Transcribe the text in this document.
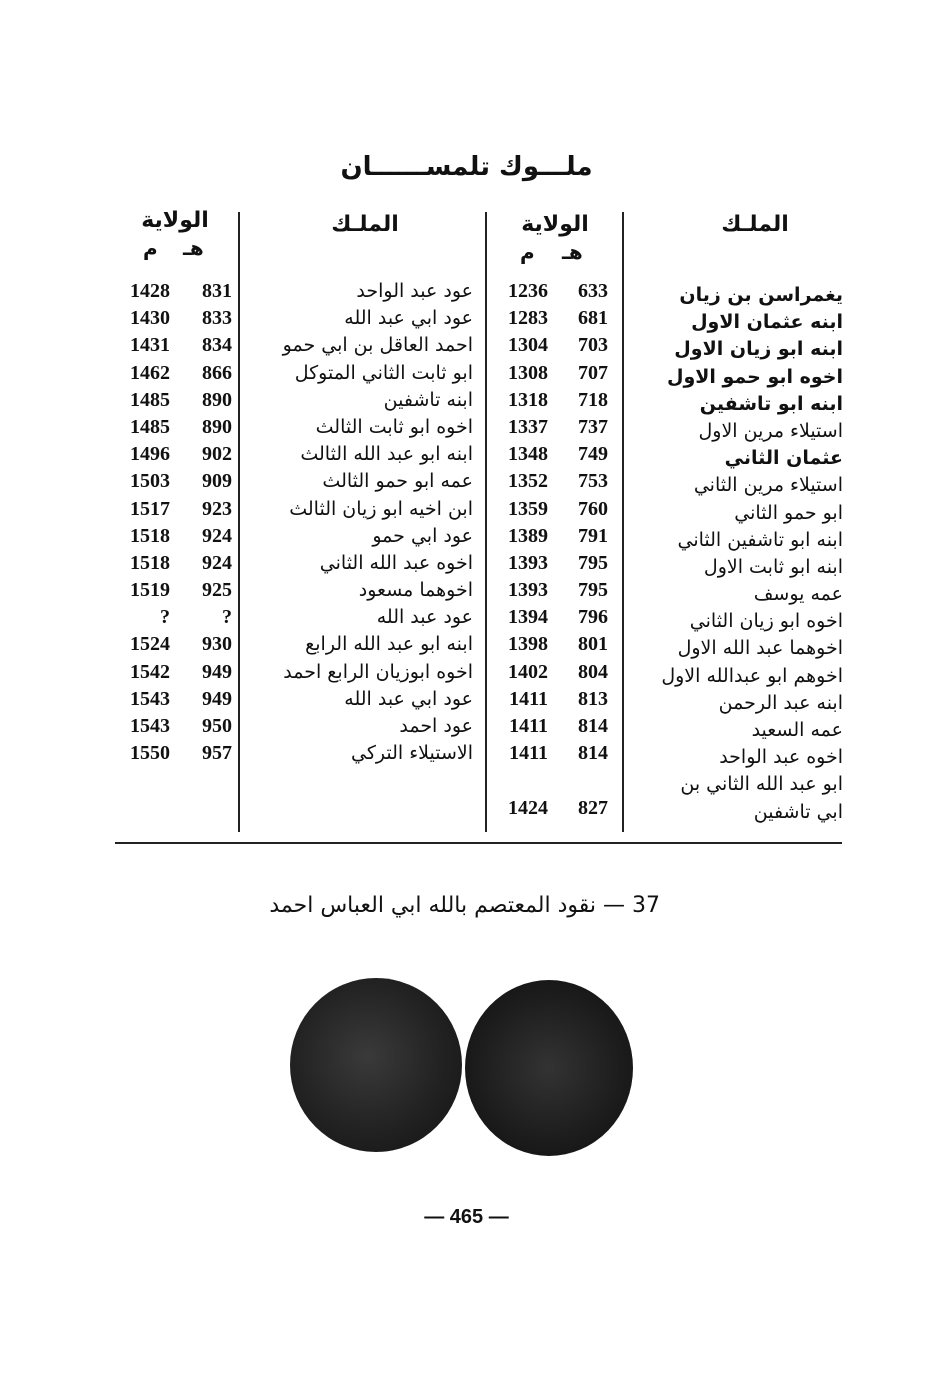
ملـــوك تلمســــــان
الملـك
الولاية
هـ
م
الملـك
الولاية
هـ
م
يغمراسن بن زيان
ابنه عثمان الاول
ابنه ابو زيان الاول
اخوه ابو حمو الاول
ابنه ابو تاشفين
استيلاء مرين الاول
عثمان الثاني
استيلاء مرين الثاني
ابو حمو الثاني
ابنه ابو تاشفين الثاني
ابنه ابو ثابت الاول
عمه يوسف
اخوه ابو زيان الثاني
اخوهما عبد الله الاول
اخوهم ابو عبدالله الاول
ابنه عبد الرحمن
عمه السعيد
اخوه عبد الواحد
ابو عبد الله الثاني بن
ابي تاشفين
633
681
703
707
718
737
749
753
760
791
795
795
796
801
804
813
814
814
827
1236
1283
1304
1308
1318
1337
1348
1352
1359
1389
1393
1393
1394
1398
1402
1411
1411
1411
1424
عود عبد الواحد
عود ابي عبد الله
احمد العاقل بن ابي حمو
ابو ثابت الثاني المتوكل
ابنه تاشفين
اخوه ابو ثابت الثالث
ابنه ابو عبد الله الثالث
عمه ابو حمو الثالث
ابن اخيه ابو زيان الثالث
عود ابي حمو
اخوه عبد الله الثاني
اخوهما مسعود
عود عبد الله
ابنه ابو عبد الله الرابع
اخوه ابوزيان الرابع احمد
عود ابي عبد الله
عود احمد
الاستيلاء التركي
831
833
834
866
890
890
902
909
923
924
924
925
?
930
949
949
950
957
1428
1430
1431
1462
1485
1485
1496
1503
1517
1518
1518
1519
?
1524
1542
1543
1543
1550
37 — نقود المعتصم بالله ابي العباس احمد
— 465 —
